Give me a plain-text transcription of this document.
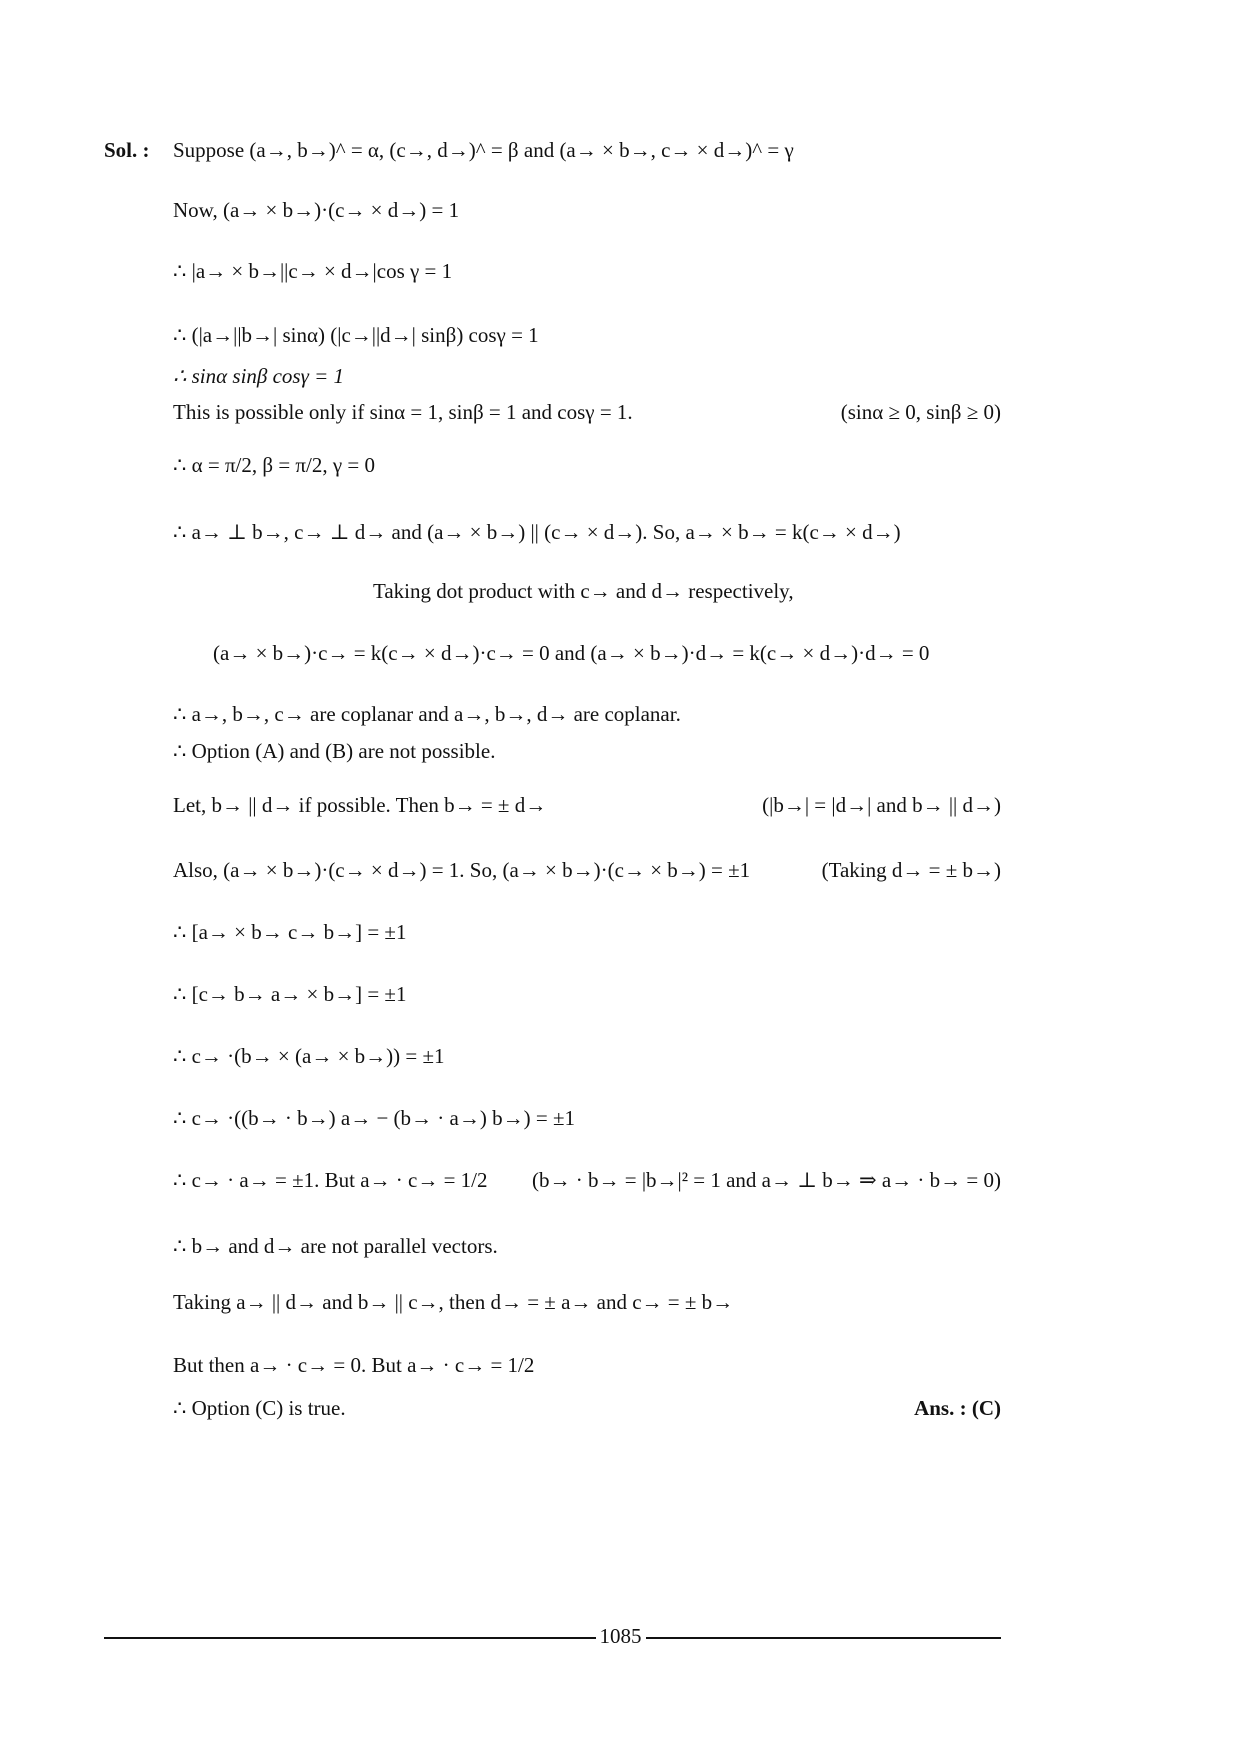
Sol. : Suppose (a→, b→)^ = α, (c→, d→)^ = β and (a→ × b→, c→ × d→)^ = γ
Now, (a→ × b→)·(c→ × d→) = 1
∴ |a→ × b→||c→ × d→|cos γ = 1
∴ (|a→||b→| sinα) (|c→||d→| sinβ) cosγ = 1
∴ sinα sinβ cosγ = 1
This is possible only if sinα = 1, sinβ = 1 and cosγ = 1.	(sinα ≥ 0, sinβ ≥ 0)
∴ α = π/2, β = π/2, γ = 0
∴ a→ ⊥ b→, c→ ⊥ d→ and (a→ × b→) || (c→ × d→). So, a→ × b→ = k(c→ × d→)
Taking dot product with c→ and d→ respectively,
(a→ × b→)·c→ = k(c→ × d→)·c→ = 0 and (a→ × b→)·d→ = k(c→ × d→)·d→ = 0
∴ a→, b→, c→ are coplanar and a→, b→, d→ are coplanar.
∴ Option (A) and (B) are not possible.
Let, b→ || d→ if possible. Then b→ = ± d→	(|b→| = |d→| and b→ || d→)
Also, (a→ × b→)·(c→ × d→) = 1. So, (a→ × b→)·(c→ × b→) = ±1	(Taking d→ = ± b→)
∴ [a→ × b→ c→ b→] = ±1
∴ [c→ b→ a→ × b→] = ±1
∴ c→ ·(b→ × (a→ × b→)) = ±1
∴ c→ ·((b→ · b→) a→ − (b→ · a→) b→) = ±1
∴ c→ · a→ = ±1. But a→ · c→ = 1/2 (b→ · b→ = |b→|² = 1 and a→ ⊥ b→ ⇒ a→ · b→ = 0)
∴ b→ and d→ are not parallel vectors.
Taking a→ || d→ and b→ || c→, then d→ = ± a→ and c→ = ± b→
But then a→ · c→ = 0. But a→ · c→ = 1/2
∴ Option (C) is true.	Ans. : (C)
1085
